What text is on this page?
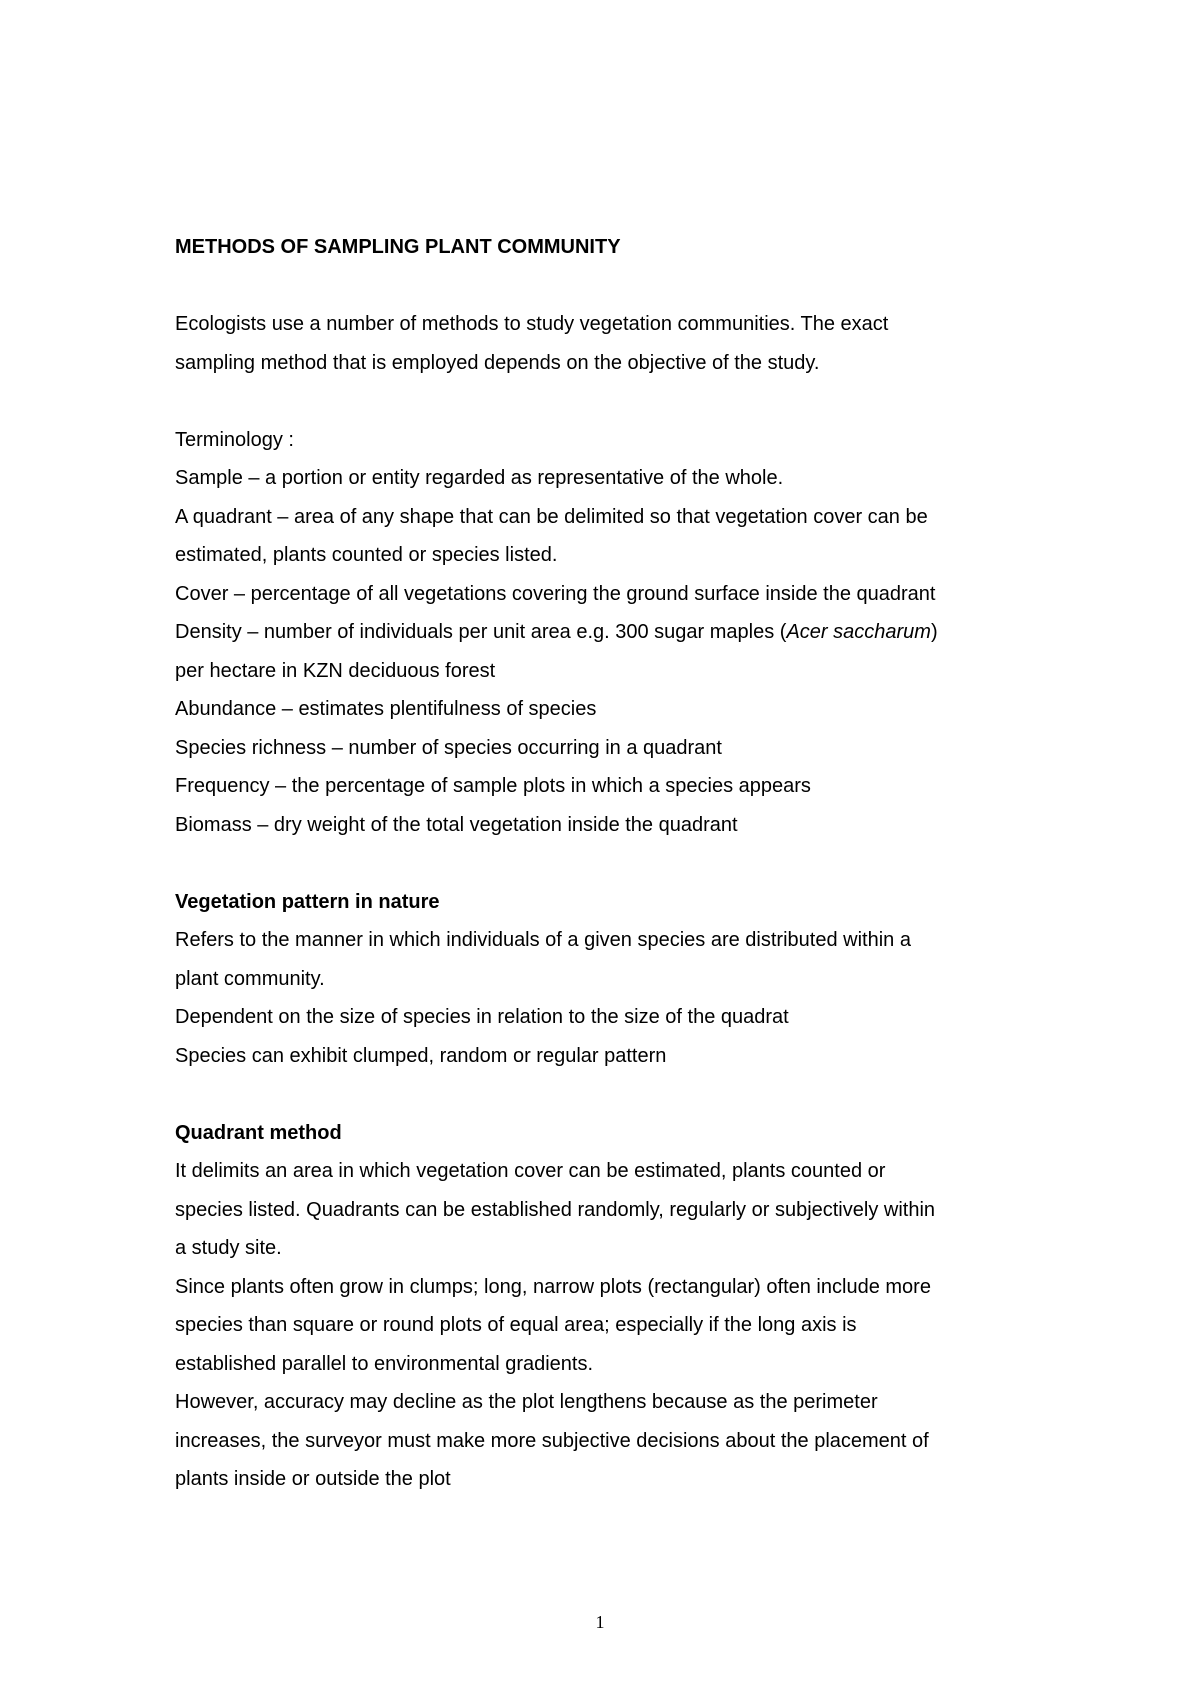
METHODS OF SAMPLING PLANT COMMUNITY

Ecologists use a number of methods to study vegetation communities. The exact

sampling method that is employed depends on the objective of the study.

Terminology :

Sample – a portion or entity regarded as representative of the whole.

A quadrant – area of any shape that can be delimited so that vegetation cover can be

estimated, plants counted or species listed.

Cover – percentage of all vegetations covering the ground surface inside the quadrant

Density – number of individuals per unit area e.g. 300 sugar maples (Acer saccharum)

per hectare in KZN deciduous forest

Abundance – estimates plentifulness of species

Species richness – number of species occurring in a quadrant

Frequency – the percentage of sample plots in which a species appears

Biomass – dry weight of the total vegetation inside the quadrant

Vegetation pattern in nature

Refers to the manner in which individuals of a given species are distributed within a

plant community.

Dependent on the size of species in relation to the size of the quadrat

Species can exhibit clumped, random or regular pattern

Quadrant method

It delimits an area in which vegetation cover can be estimated, plants counted or

species listed. Quadrants can be established randomly, regularly or subjectively within

a study site.

Since plants often grow in clumps; long, narrow plots (rectangular) often include more

species than square or round plots of equal area; especially if the long axis is

established parallel to environmental gradients.

However, accuracy may decline as the plot lengthens because as the perimeter

increases, the surveyor must make more subjective decisions about the placement of

plants inside or outside the plot

1
